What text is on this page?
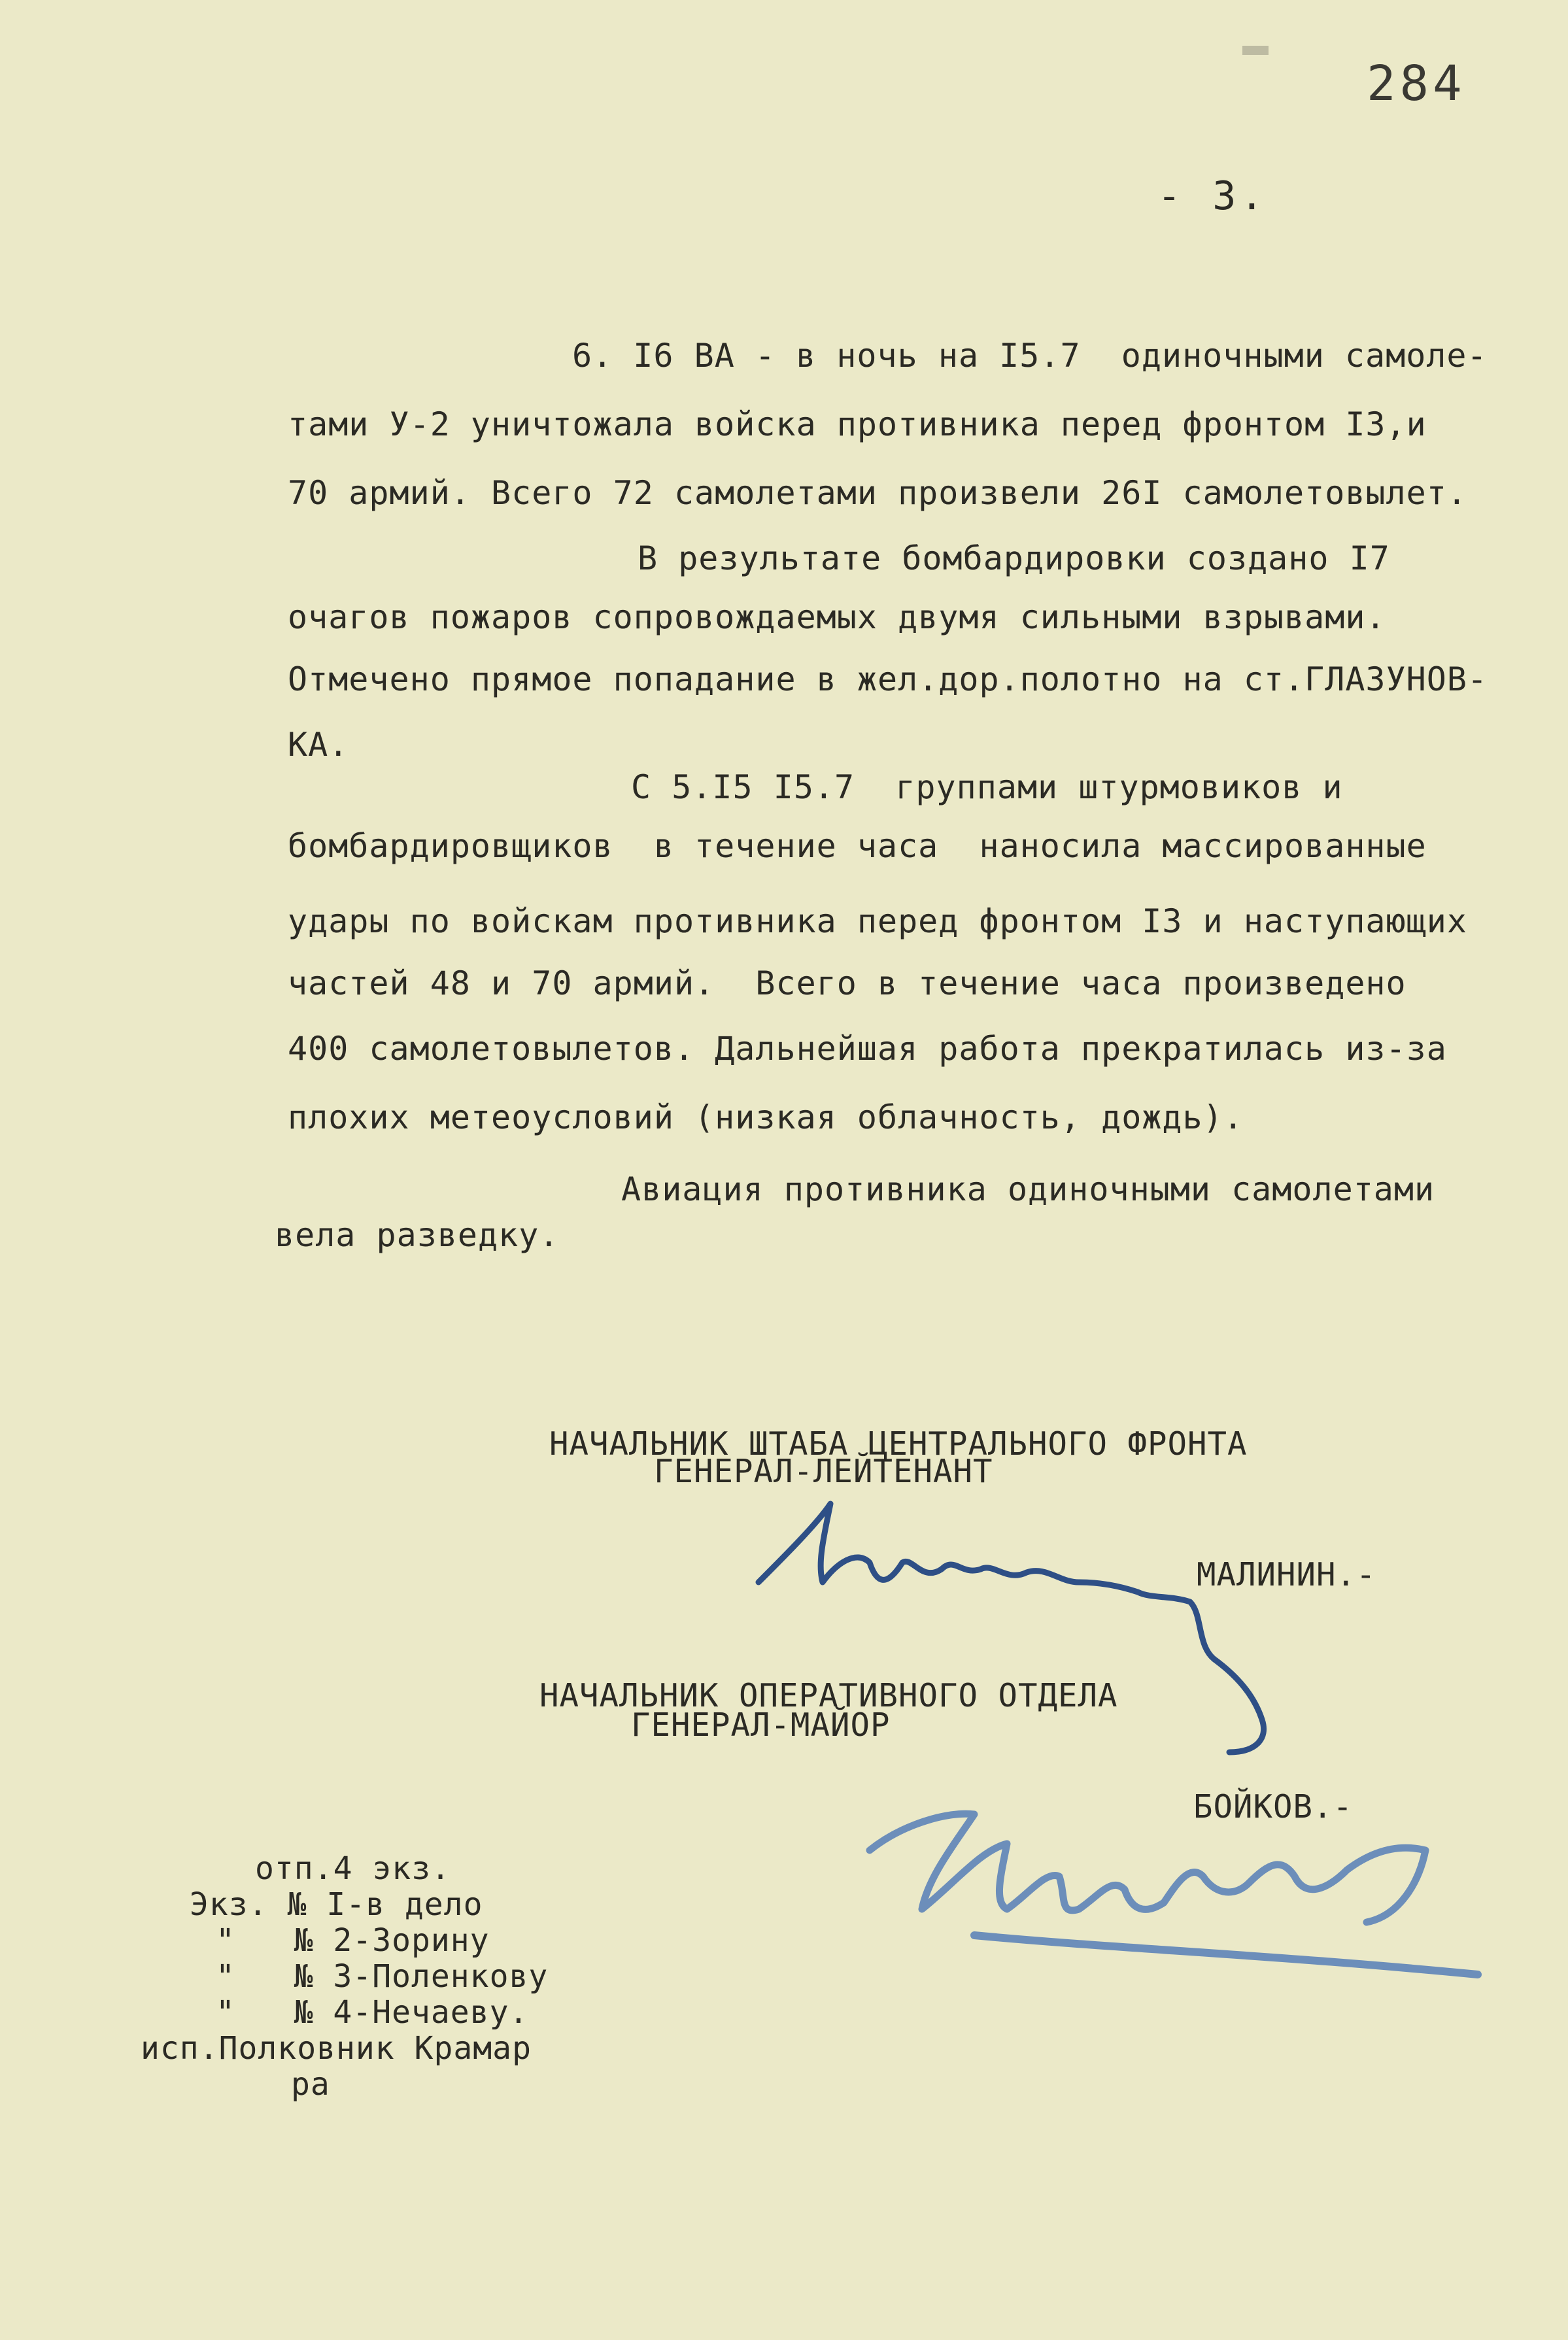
284
- 3.
6. I6 ВА - в ночь на I5.7  одиночными самоле-
тами У-2 уничтожала войска противника перед фронтом I3,и
70 армий. Всего 72 самолетами произвели 26I самолетовылет.
В результате бомбардировки создано I7
очагов пожаров сопровождаемых двумя сильными взрывами.
Отмечено прямое попадание в жел.дор.полотно на ст.ГЛАЗУНОВ-
КА.
С 5.I5 I5.7  группами штурмовиков и
бомбардировщиков  в течение часа  наносила массированные
удары по войскам противника перед фронтом I3 и наступающих
частей 48 и 70 армий.  Всего в течение часа произведено
400 самолетовылетов. Дальнейшая работа прекратилась из-за
плохих метеоусловий (низкая облачность, дождь).
Авиация противника одиночными самолетами
вела разведку.
НАЧАЛЬНИК ШТАБА ЦЕНТРАЛЬНОГО ФРОНТА
ГЕНЕРАЛ-ЛЕЙТЕНАНТ
МАЛИНИН.-
НАЧАЛЬНИК ОПЕРАТИВНОГО ОТДЕЛА
ГЕНЕРАЛ-МАЙОР
БОЙКОВ.-
отп.4 экз.
Экз. № I-в дело
"   № 2-Зорину
"   № 3-Поленкову
"   № 4-Нечаеву.
исп.Полковник Крамар
ра
